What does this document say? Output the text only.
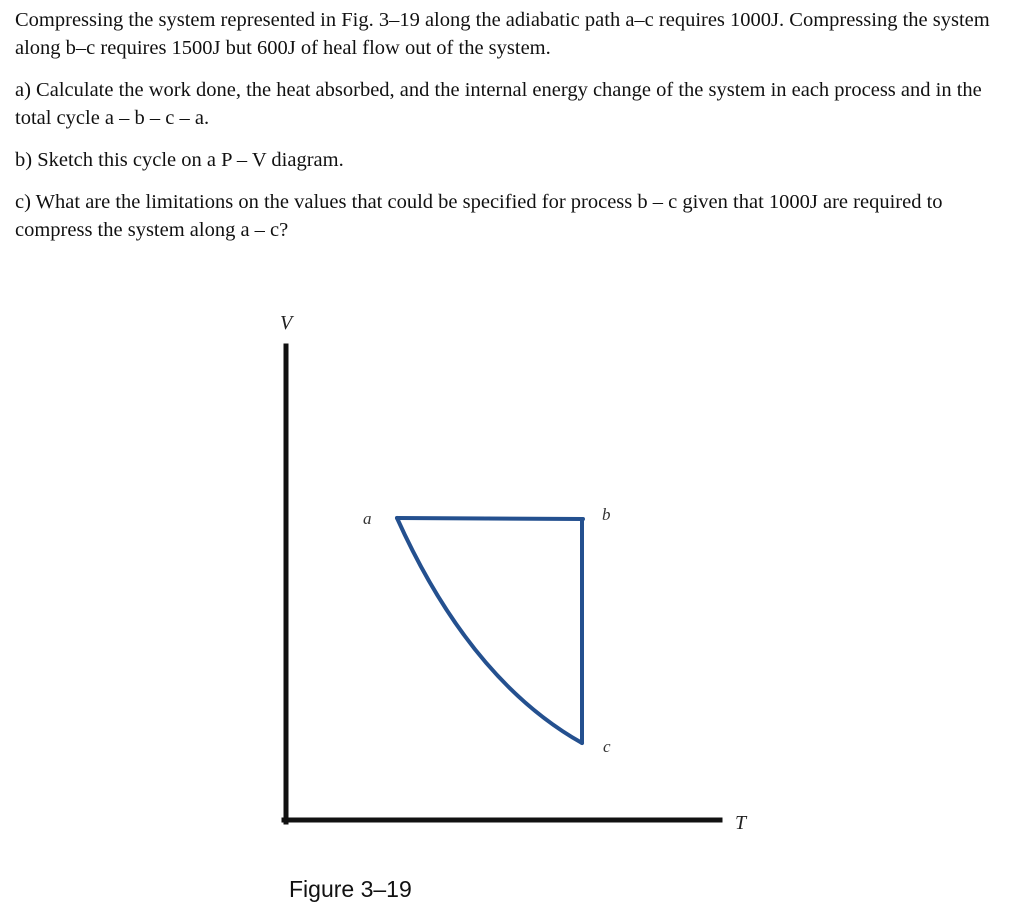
Compressing the system represented in Fig. 3–19 along the adiabatic path a–c requires 1000J. Compressing the system along b–c requires 1500J but 600J of heal flow out of the system.

a) Calculate the work done, the heat absorbed, and the internal energy change of the system in each process and in the total cycle a – b – c – a.

b) Sketch this cycle on a P – V diagram.

c) What are the limitations on the values that could be specified for process b – c given that 1000J are required to compress the system along a – c?

V
T
a	b
c
Figure 3–19
